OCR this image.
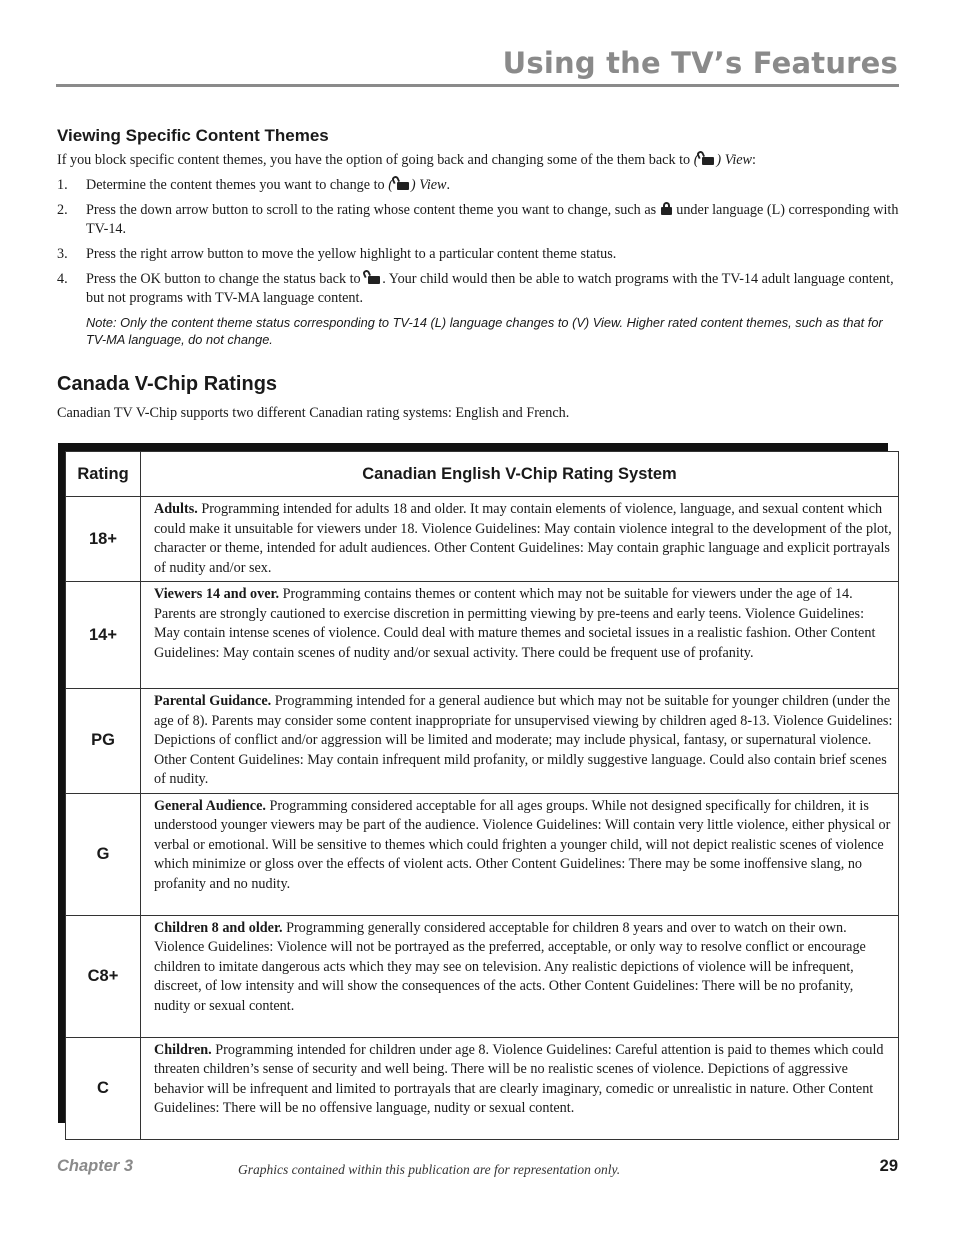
Using the TV’s Features
Viewing Specific Content Themes
If you block specific content themes, you have the option of going back and changing some of the them back to ( ) View:
1. Determine the content themes you want to change to ( ) View.
2. Press the down arrow button to scroll to the rating whose content theme you want to change, such as under language (L) corresponding with TV-14.
3. Press the right arrow button to move the yellow highlight to a particular content theme status.
4. Press the OK button to change the status back to . Your child would then be able to watch programs with the TV-14 adult language content, but not programs with TV-MA language content.
Note: Only the content theme status corresponding to TV-14 (L) language changes to (V) View. Higher rated content themes, such as that for TV-MA language, do not change.
Canada V-Chip Ratings
Canadian TV V-Chip supports two different Canadian rating systems: English and French.
Rating	Canadian English V-Chip Rating System
18+	Adults. Programming intended for adults 18 and older. It may contain elements of violence, language, and sexual content which could make it unsuitable for viewers under 18. Violence Guidelines: May contain violence integral to the development of the plot, character or theme, intended for adult audiences. Other Content Guidelines: May contain graphic language and explicit portrayals of nudity and/or sex.
14+	Viewers 14 and over. Programming contains themes or content which may not be suitable for viewers under the age of 14. Parents are strongly cautioned to exercise discretion in permitting viewing by pre-teens and early teens. Violence Guidelines: May contain intense scenes of violence. Could deal with mature themes and societal issues in a realistic fashion. Other Content Guidelines: May contain scenes of nudity and/or sexual activity. There could be frequent use of profanity.
PG	Parental Guidance. Programming intended for a general audience but which may not be suitable for younger children (under the age of 8). Parents may consider some content inappropriate for unsupervised viewing by children aged 8-13. Violence Guidelines: Depictions of conflict and/or aggression will be limited and moderate; may include physical, fantasy, or supernatural violence. Other Content Guidelines: May contain infrequent mild profanity, or mildly suggestive language. Could also contain brief scenes of nudity.
G	General Audience. Programming considered acceptable for all ages groups. While not designed specifically for children, it is understood younger viewers may be part of the audience. Violence Guidelines: Will contain very little violence, either physical or verbal or emotional. Will be sensitive to themes which could frighten a younger child, will not depict realistic scenes of violence which minimize or gloss over the effects of violent acts. Other Content Guidelines: There may be some inoffensive slang, no profanity and no nudity.
C8+	Children 8 and older. Programming generally considered acceptable for children 8 years and over to watch on their own. Violence Guidelines: Violence will not be portrayed as the preferred, acceptable, or only way to resolve conflict or encourage children to imitate dangerous acts which they may see on television. Any realistic depictions of violence will be infrequent, discreet, of low intensity and will show the consequences of the acts. Other Content Guidelines: There will be no profanity, nudity or sexual content.
C	Children. Programming intended for children under age 8. Violence Guidelines: Careful attention is paid to themes which could threaten children’s sense of security and well being. There will be no realistic scenes of violence. Depictions of aggressive behavior will be infrequent and limited to portrayals that are clearly imaginary, comedic or unrealistic in nature. Other Content Guidelines: There will be no offensive language, nudity or sexual content.
Chapter 3	Graphics contained within this publication are for representation only.	29
